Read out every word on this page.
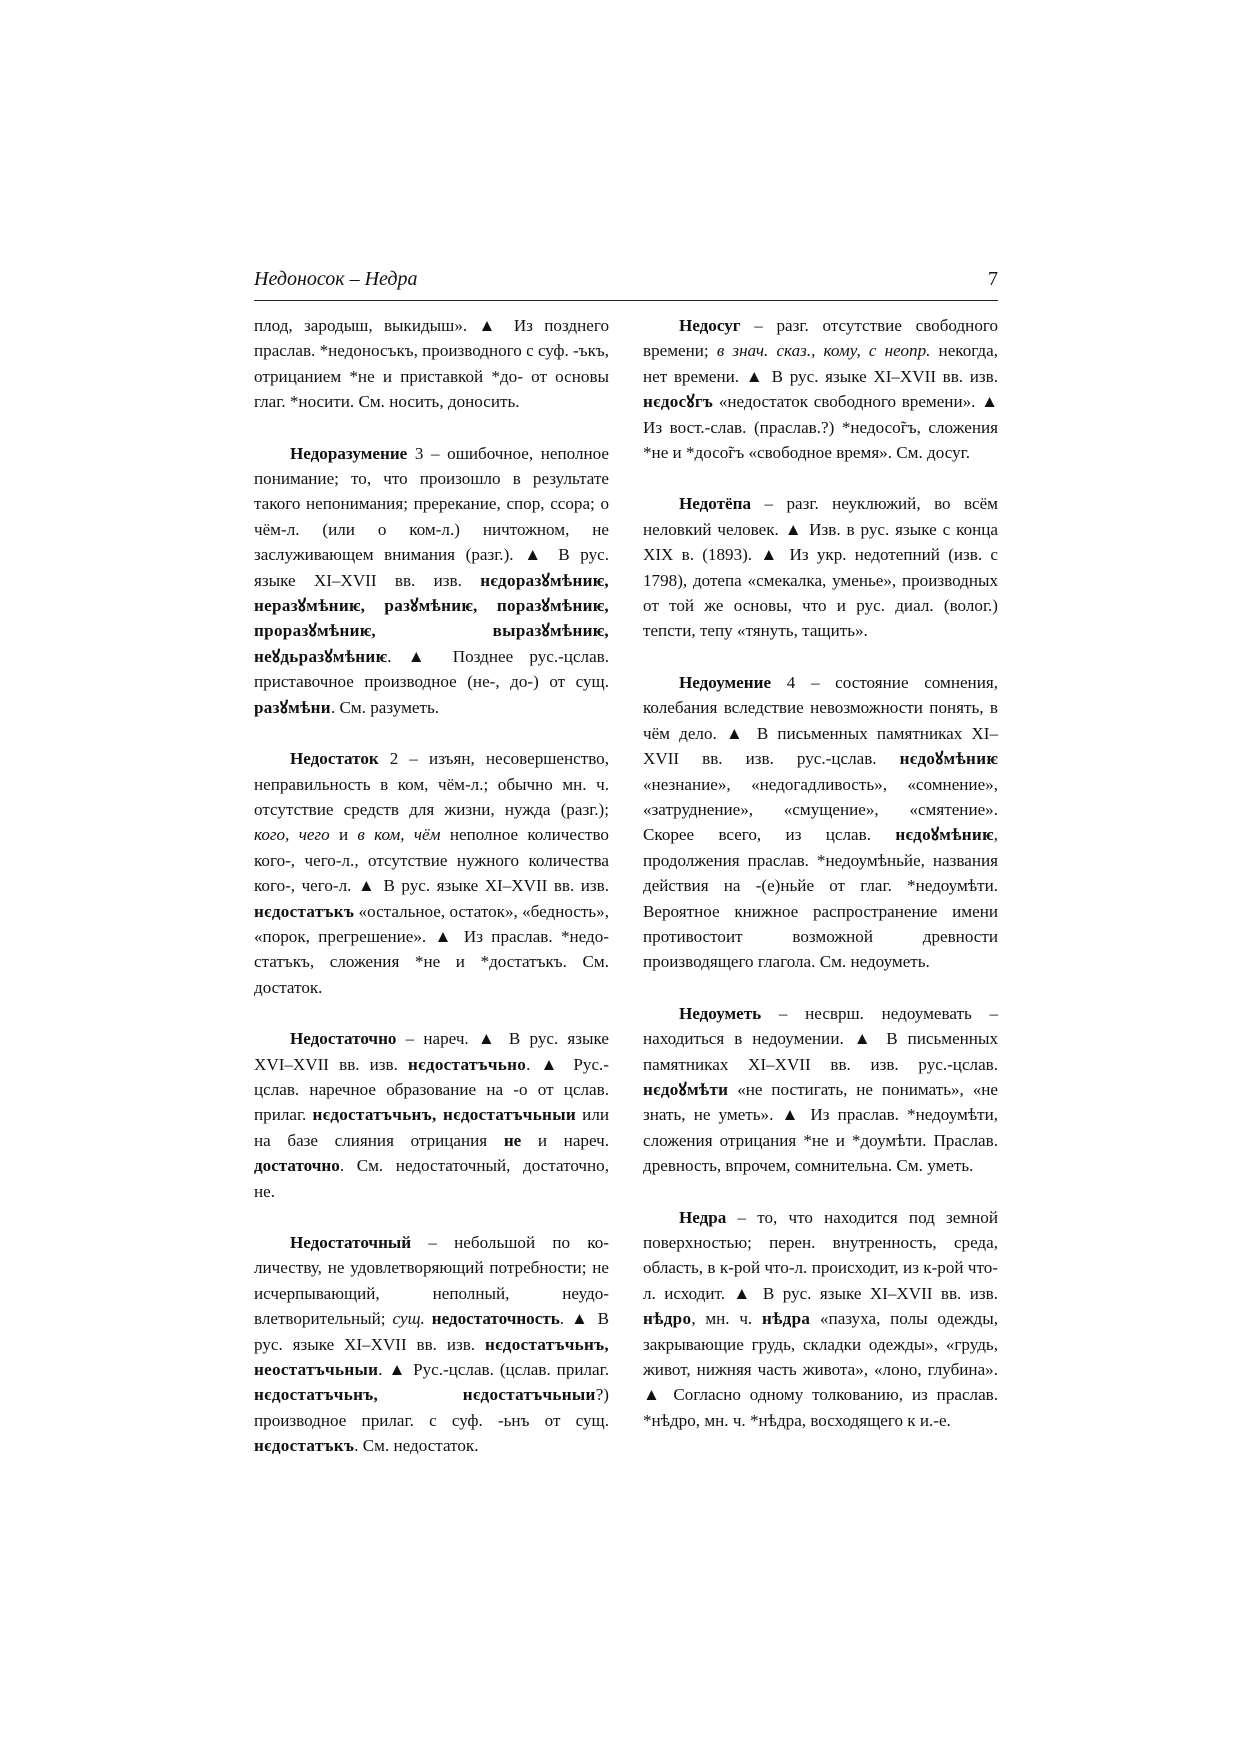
Недоносок – Недра	7

плод, зародыш, выкидыш». ▲ Из позднего праслав. *недоносъкъ, производного с суф. -ъкъ, отрицанием *не и приставкой *до- от основы глаг. *носити. См. носить, доносить.

Недоразумение 3 – ошибочное, неполное понимание; то, что произошло в результате такого непонимания; пререкание, спор, ссора; о чём-л. (или о ком-л.) ничтожном, не заслуживающем внимания (разг.). ▲ В рус. языке XI–XVII вв. изв. нєдоразꙋмѣниѥ, неразꙋмѣниѥ, разꙋмѣниѥ, поразꙋмѣниѥ, проразꙋмѣниѥ, выразꙋмѣниѥ, неꙋдьразꙋмѣниѥ. ▲ Позднее рус.-цслав. приставочное производное (не-, до-) от сущ. разꙋмѣни. См. разуметь.

Недостаток 2 – изъян, несовершенство, неправильность в ком, чём-л.; обычно мн. ч. отсутствие средств для жизни, нужда (разг.); кого, чего и в ком, чём неполное количество кого-, чего-л., отсутствие нужного количества кого-, чего-л. ▲ В рус. языке XI–XVII вв. изв. нєдостатъкъ «остальное, остаток», «бедность», «порок, прегрешение». ▲ Из праслав. *недостатъкъ, сложения *не и *достатъкъ. См. достаток.

Недостаточно – нареч. ▲ В рус. языке XVI–XVII вв. изв. нєдостатъчьно. ▲ Рус.-цслав. наречное образование на -о от цслав. прилаг. нєдостатъчьнъ, нєдостатъчьныи или на базе слияния отрицания не и нареч. достаточно. См. недостаточный, достаточно, не.

Недостаточный – небольшой по количеству, не удовлетворяющий потребности; не исчерпывающий, неполный, неудовлетворительный; сущ. недостаточность. ▲ В рус. языке XI–XVII вв. изв. нєдостатъчьнъ, неостатъчьныи. ▲ Рус.-цслав. (цслав. прилаг. нєдостатъчьнъ, нєдостатъчьныи?) производное прилаг. с суф. -ьнъ от сущ. нєдостатъкъ. См. недостаток.

Недосуг – разг. отсутствие свободного времени; в знач. сказ., кому, с неопр. некогда, нет времени. ▲ В рус. языке XI–XVII вв. изв. нєдосꙋгъ «недостаток свободного времени». ▲ Из вост.-слав. (праслав.?) *недосо̃гъ, сложения *не и *досо̃гъ «свободное время». См. досуг.

Недотёпа – разг. неуклюжий, во всём неловкий человек. ▲ Изв. в рус. языке с конца XIX в. (1893). ▲ Из укр. недотепний (изв. с 1798), дотепа «смекалка, уменье», производных от той же основы, что и рус. диал. (волог.) тепсти, тепу «тянуть, тащить».

Недоумение 4 – состояние сомнения, колебания вследствие невозможности понять, в чём дело. ▲ В письменных памятниках XI–XVII вв. изв. рус.-цслав. нєдоꙋмѣниѥ «незнание», «недогадливость», «сомнение», «затруднение», «смущение», «смятение». Скорее всего, из цслав. нєдоꙋмѣниѥ, продолжения праслав. *недоумѣньйе, названия действия на -(е)ньйе от глаг. *недоумѣти. Вероятное книжное распространение имени противостоит возможной древности производящего глагола. См. недоуметь.

Недоуметь – несврш. недоумевать – находиться в недоумении. ▲ В письменных памятниках XI–XVII вв. изв. рус.-цслав. нєдоꙋмѣти «не постигать, не понимать», «не знать, не уметь». ▲ Из праслав. *недоумѣти, сложения отрицания *не и *доумѣти. Праслав. древность, впрочем, сомнительна. См. уметь.

Недра – то, что находится под земной поверхностью; перен. внутренность, среда, область, в к-рой что-л. происходит, из к-рой что-л. исходит. ▲ В рус. языке XI–XVII вв. изв. нѣдро, мн. ч. нѣдра «пазуха, полы одежды, закрывающие грудь, складки одежды», «грудь, живот, нижняя часть живота», «лоно, глубина». ▲ Согласно одному толкованию, из праслав. *нѣдро, мн. ч. *нѣдра, восходящего к и.-е.
